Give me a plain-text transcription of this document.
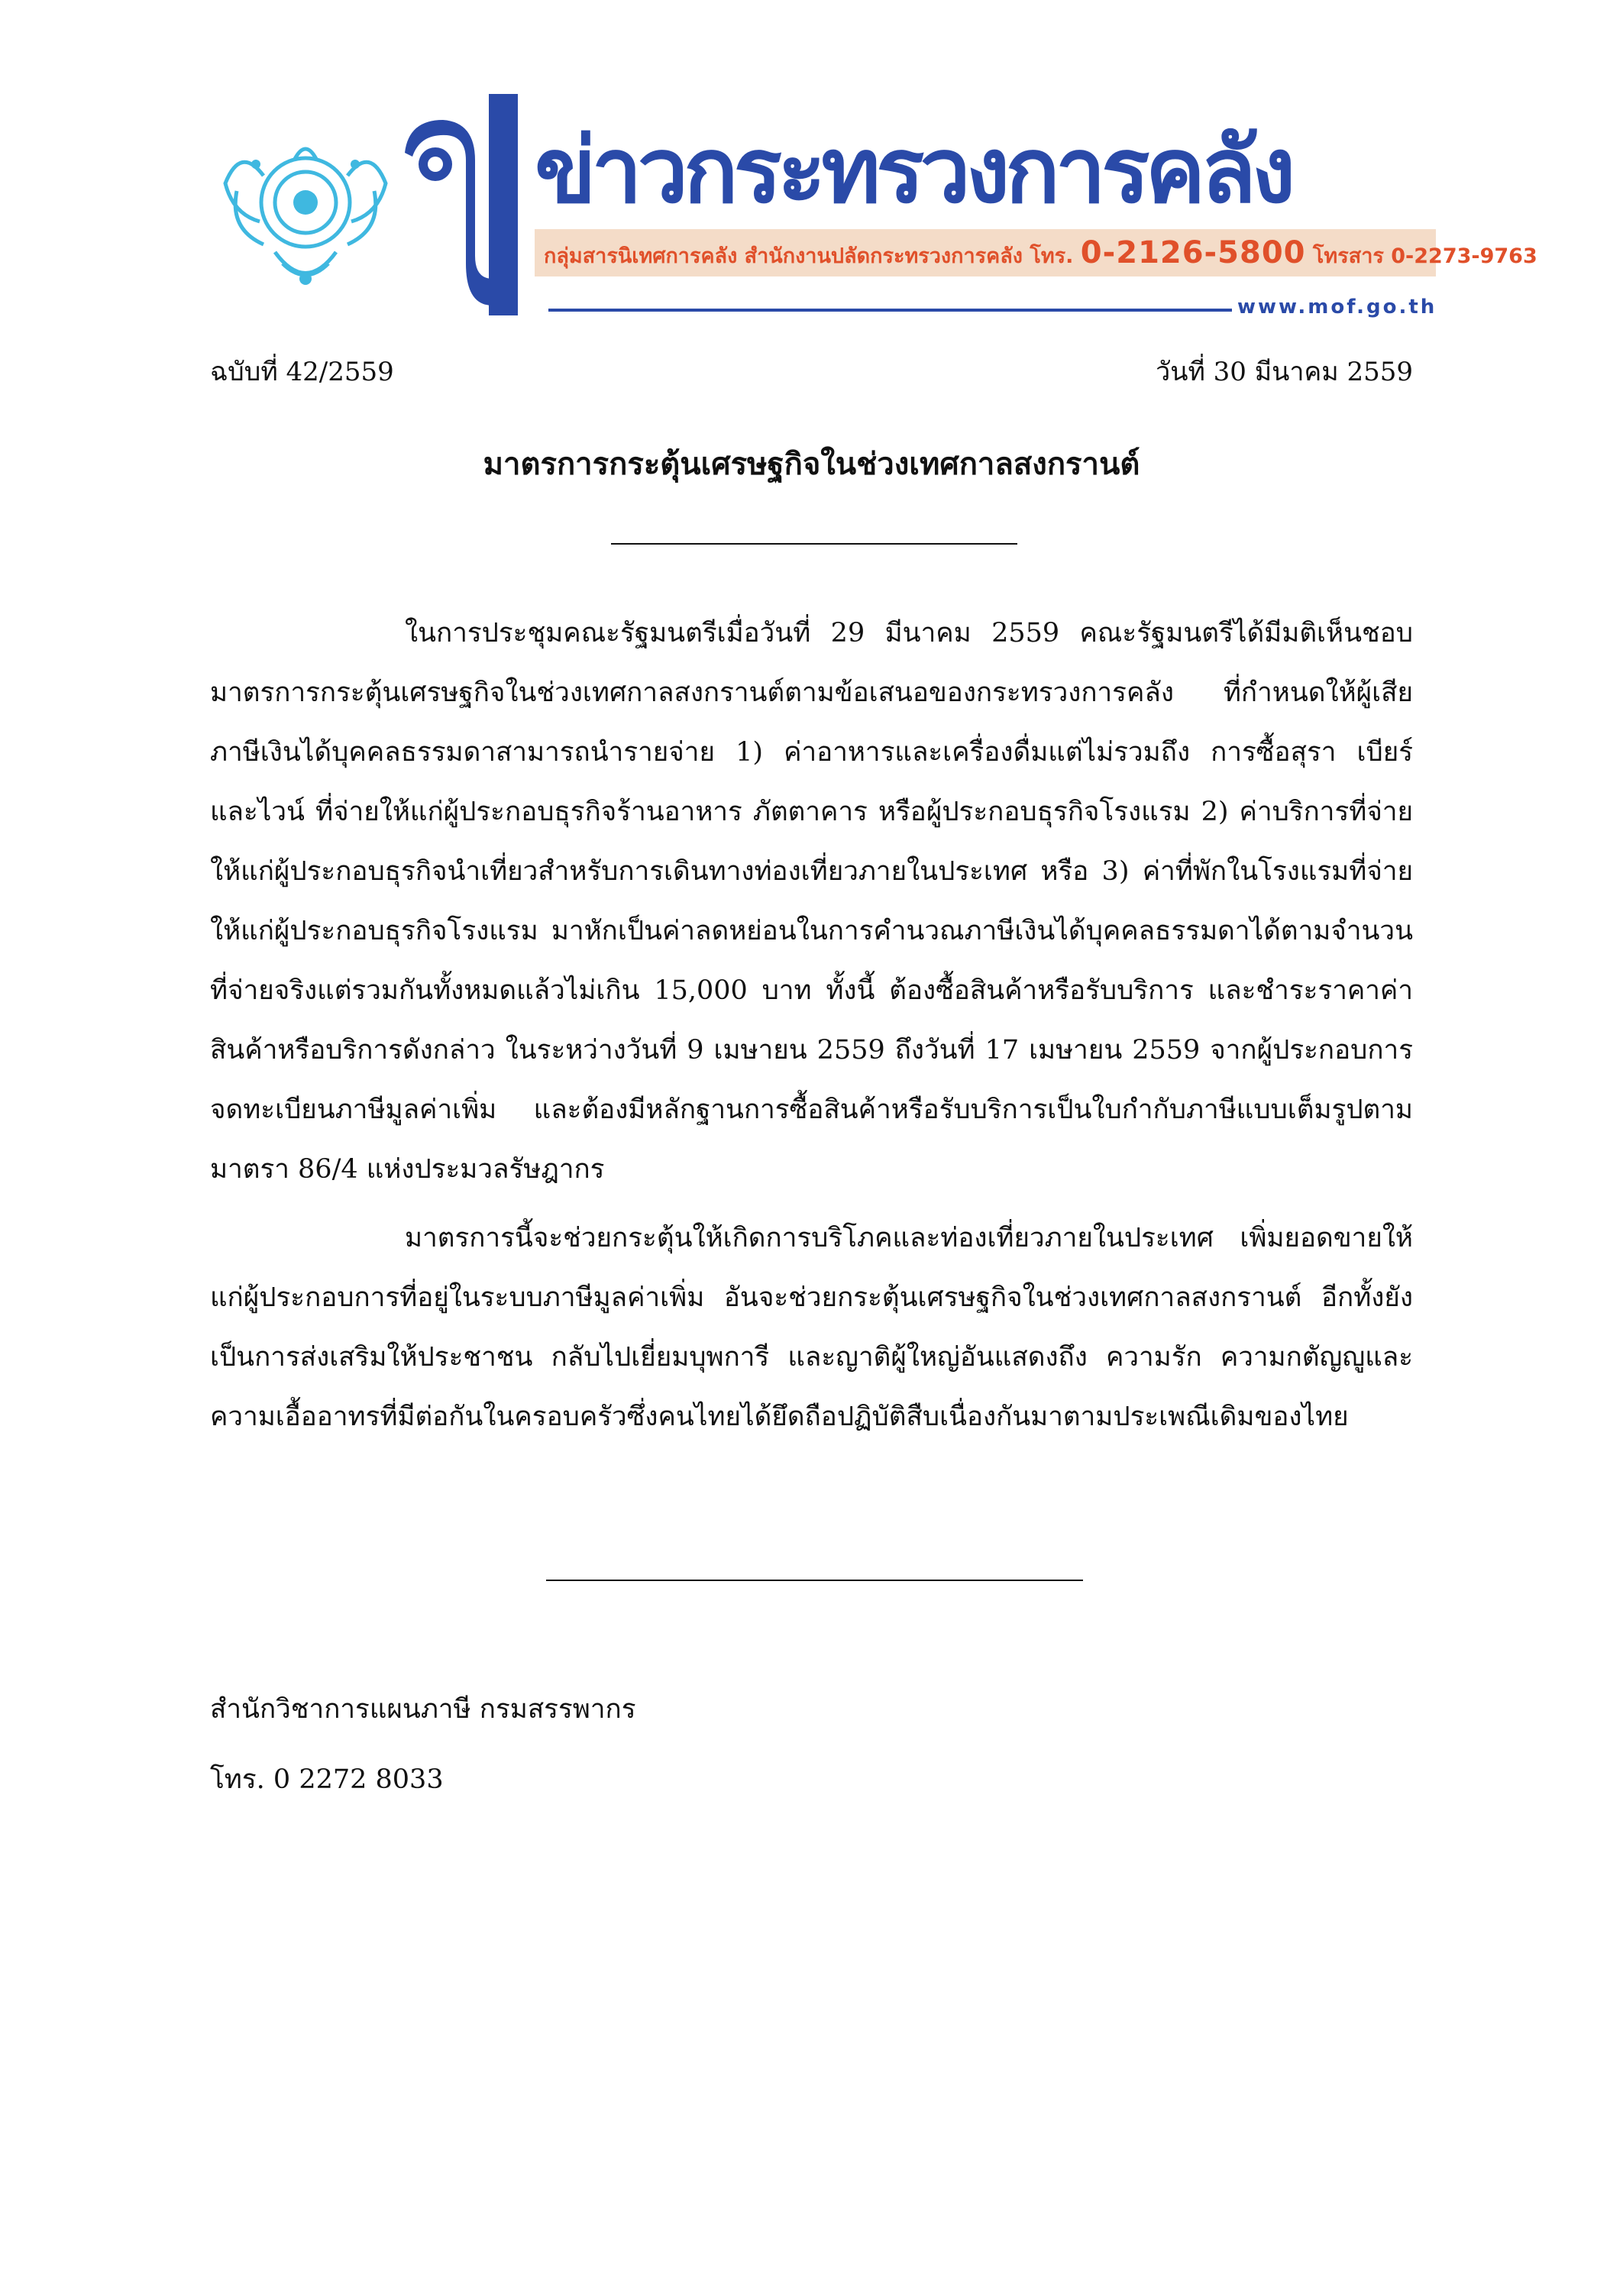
ข่าวกระทรวงการคลัง
กลุ่มสารนิเทศการคลัง สำนักงานปลัดกระทรวงการคลัง โทร. 0-2126-5800 โทรสาร 0-2273-9763
www.mof.go.th
ฉบับที่ 42/2559	วันที่ 30 มีนาคม 2559
มาตรการกระตุ้นเศรษฐกิจในช่วงเทศกาลสงกรานต์

ในการประชุมคณะรัฐมนตรีเมื่อวันที่ 29 มีนาคม 2559 คณะรัฐมนตรีได้มีมติเห็นชอบมาตรการกระตุ้นเศรษฐกิจในช่วงเทศกาลสงกรานต์ตามข้อเสนอของกระทรวงการคลัง ที่กำหนดให้ผู้เสียภาษีเงินได้บุคคลธรรมดาสามารถนำรายจ่าย 1) ค่าอาหารและเครื่องดื่มแต่ไม่รวมถึง การซื้อสุรา เบียร์ และไวน์ ที่จ่ายให้แก่ผู้ประกอบธุรกิจร้านอาหาร ภัตตาคาร หรือผู้ประกอบธุรกิจโรงแรม 2) ค่าบริการที่จ่ายให้แก่ผู้ประกอบธุรกิจนำเที่ยวสำหรับการเดินทางท่องเที่ยวภายในประเทศ หรือ 3) ค่าที่พักในโรงแรมที่จ่ายให้แก่ผู้ประกอบธุรกิจโรงแรม มาหักเป็นค่าลดหย่อนในการคำนวณภาษีเงินได้บุคคลธรรมดาได้ตามจำนวนที่จ่ายจริงแต่รวมกันทั้งหมดแล้วไม่เกิน 15,000 บาท ทั้งนี้ ต้องซื้อสินค้าหรือรับบริการ และชำระราคาค่าสินค้าหรือบริการดังกล่าว ในระหว่างวันที่ 9 เมษายน 2559 ถึงวันที่ 17 เมษายน 2559 จากผู้ประกอบการจดทะเบียนภาษีมูลค่าเพิ่ม และต้องมีหลักฐานการซื้อสินค้าหรือรับบริการเป็นใบกำกับภาษีแบบเต็มรูปตามมาตรา 86/4 แห่งประมวลรัษฎากร

มาตรการนี้จะช่วยกระตุ้นให้เกิดการบริโภคและท่องเที่ยวภายในประเทศ เพิ่มยอดขายให้แก่ผู้ประกอบการที่อยู่ในระบบภาษีมูลค่าเพิ่ม อันจะช่วยกระตุ้นเศรษฐกิจในช่วงเทศกาลสงกรานต์ อีกทั้งยังเป็นการส่งเสริมให้ประชาชน กลับไปเยี่ยมบุพการี และญาติผู้ใหญ่อันแสดงถึง ความรัก ความกตัญญูและความเอื้ออาทรที่มีต่อกันในครอบครัวซึ่งคนไทยได้ยึดถือปฏิบัติสืบเนื่องกันมาตามประเพณีเดิมของไทย

สำนักวิชาการแผนภาษี กรมสรรพากร
โทร. 0 2272 8033
